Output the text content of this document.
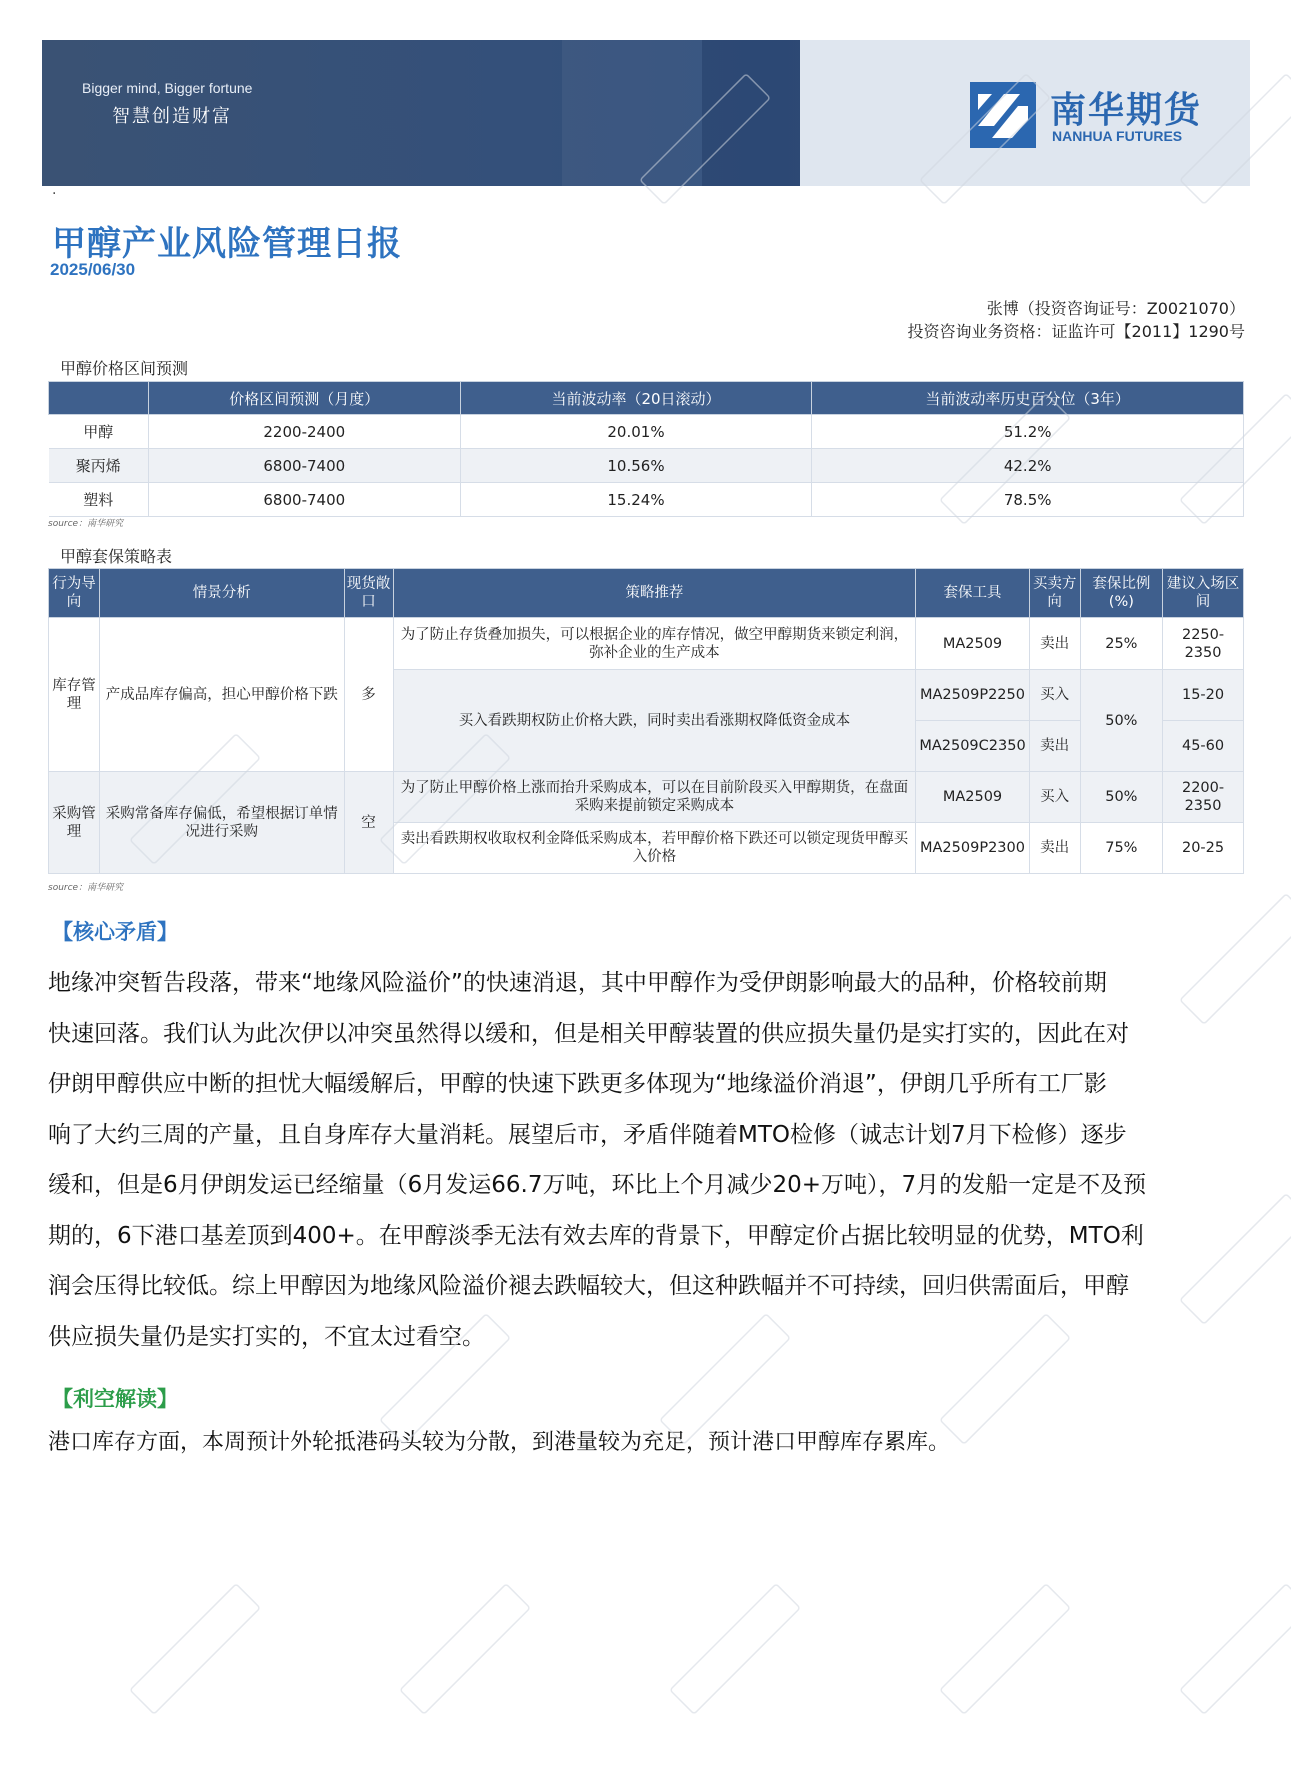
Bigger mind, Bigger fortune
智慧创造财富	南华期货
NANHUA FUTURES
·
甲醇产业风险管理日报
2025/06/30
张博（投资咨询证号：Z0021070）
投资咨询业务资格：证监许可【2011】1290号
甲醇价格区间预测
	价格区间预测（月度）	当前波动率（20日滚动）	当前波动率历史百分位（3年）
甲醇	2200-2400	20.01%	51.2%
聚丙烯	6800-7400	10.56%	42.2%
塑料	6800-7400	15.24%	78.5%
source：南华研究
甲醇套保策略表
行为导向	情景分析	现货敞口	策略推荐	套保工具	买卖方向	套保比例(%)	建议入场区间
库存管理	产成品库存偏高，担心甲醇价格下跌	多	为了防止存货叠加损失，可以根据企业的库存情况，做空甲醇期货来锁定利润，弥补企业的生产成本	MA2509	卖出	25%	2250-2350
			买入看跌期权防止价格大跌，同时卖出看涨期权降低资金成本	MA2509P2250	买入	50%	15-20
				MA2509C2350	卖出		45-60
采购管理	采购常备库存偏低，希望根据订单情况进行采购	空	为了防止甲醇价格上涨而抬升采购成本，可以在目前阶段买入甲醇期货，在盘面采购来提前锁定采购成本	MA2509	买入	50%	2200-2350
			卖出看跌期权收取权利金降低采购成本，若甲醇价格下跌还可以锁定现货甲醇买入价格	MA2509P2300	卖出	75%	20-25
source：南华研究
【核心矛盾】
地缘冲突暂告段落，带来“地缘风险溢价”的快速消退，其中甲醇作为受伊朗影响最大的品种，价格较前期
快速回落。我们认为此次伊以冲突虽然得以缓和，但是相关甲醇装置的供应损失量仍是实打实的，因此在对
伊朗甲醇供应中断的担忧大幅缓解后，甲醇的快速下跌更多体现为“地缘溢价消退”，伊朗几乎所有工厂影
响了大约三周的产量，且自身库存大量消耗。展望后市，矛盾伴随着MTO检修（诚志计划7月下检修）逐步
缓和，但是6月伊朗发运已经缩量（6月发运66.7万吨，环比上个月减少20+万吨），7月的发船一定是不及预
期的，6下港口基差顶到400+。在甲醇淡季无法有效去库的背景下，甲醇定价占据比较明显的优势，MTO利
润会压得比较低。综上甲醇因为地缘风险溢价褪去跌幅较大，但这种跌幅并不可持续，回归供需面后，甲醇
供应损失量仍是实打实的，不宜太过看空。
【利空解读】
港口库存方面，本周预计外轮抵港码头较为分散，到港量较为充足，预计港口甲醇库存累库。
